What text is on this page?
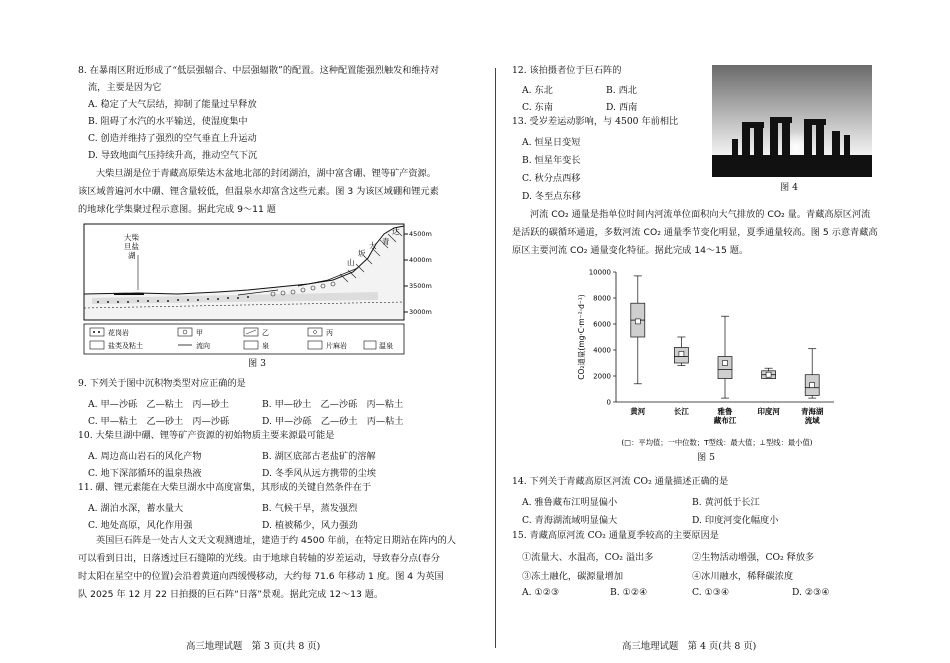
8. 在暴雨区附近形成了“低层强辐合、中层强辐散”的配置。这种配置能强烈触发和维持对
流，主要是因为它
A. 稳定了大气层结，抑制了能量过早释放
B. 阻碍了水汽的水平输送，使湿度集中
C. 创造并维持了强烈的空气垂直上升运动
D. 导致地面气压持续升高，推动空气下沉
大柴旦湖是位于青藏高原柴达木盆地北部的封闭湖泊，湖中富含硼、锂等矿产资源。
该区域普遍河水中硼、锂含量较低，但温泉水却富含这些元素。图 3 为该区域硼和锂元素
的地球化学集聚过程示意图。据此完成 9～11 题
大柴
旦盐
湖
山
坂
大 青
达 4500m
4000m
3500m
3000m
花岗岩	甲	乙	丙
盐类及粘土	流向	泉	片麻岩	温泉
图 3
9. 下列关于图中沉积物类型对应正确的是
A. 甲—沙砾　乙—粘土　丙—砂土	B. 甲—砂土　乙—沙砾　丙—粘土
C. 甲—粘土　乙—砂土　丙—沙砾	D. 甲—沙砾　乙—砂土　丙—粘土
10. 大柴旦湖中硼、锂等矿产资源的初始物质主要来源最可能是
A. 周边高山岩石的风化产物	B. 湖区底部古老盐矿的溶解
C. 地下深部循环的温泉热液	D. 冬季风从远方携带的尘埃
11. 硼、锂元素能在大柴旦湖水中高度富集，其形成的关键自然条件在于
A. 湖泊水深，蓄水量大	B. 气候干旱，蒸发强烈
C. 地处高原，风化作用强	D. 植被稀少，风力强劲
英国巨石阵是一处古人文天文观测遗址，建造于约 4500 年前，在特定日期站在阵内的人
可以看到日出，日落透过巨石缝隙的光线。由于地球自转轴的岁差运动，导致春分点(春分
时太阳在星空中的位置)会沿着黄道向西缓慢移动，大约每 71.6 年移动 1 度。图 4 为英国
队 2025 年 12 月 22 日拍摄的巨石阵“日落”景观。据此完成 12～13 题。
高三地理试题　第 3 页(共 8 页)
12. 该拍摄者位于巨石阵的
A. 东北	B. 西北
C. 东南	D. 西南
13. 受岁差运动影响，与 4500 年前相比
A. 恒星日变短
B. 恒星年变长
C. 秋分点西移
D. 冬至点东移
图 4
河流 CO₂ 通量是指单位时间内河流单位面积向大气排放的 CO₂ 量。青藏高原区河流
是活跃的碳循环通道，多数河流 CO₂ 通量季节变化明显，夏季通量较高。图 5 示意青藏高
原区主要河流 CO₂ 通量变化特征。据此完成 14～15 题。
0
2000
4000
6000
8000
10000
CO₂通量(mg·C·m⁻²·d⁻¹)
黄河	长江	雅鲁
藏布江
印度河	青海湖
流域
(□：平均值；一中位数；T型线：最大值；⊥型线：最小值)
图 5
14. 下列关于青藏高原区河流 CO₂ 通量描述正确的是
A. 雅鲁藏布江明显偏小	B. 黄河低于长江
C. 青海湖流域明显偏大	D. 印度河变化幅度小
15. 青藏高原河流 CO₂ 通量夏季较高的主要原因是
①流量大、水温高，CO₂ 溢出多	②生物活动增强，CO₂ 释放多
③冻土融化，碳源量增加	④冰川融水，稀释碳浓度
A. ①②③	B. ①②④	C. ①③④	D. ②③④
高三地理试题　第 4 页(共 8 页)
